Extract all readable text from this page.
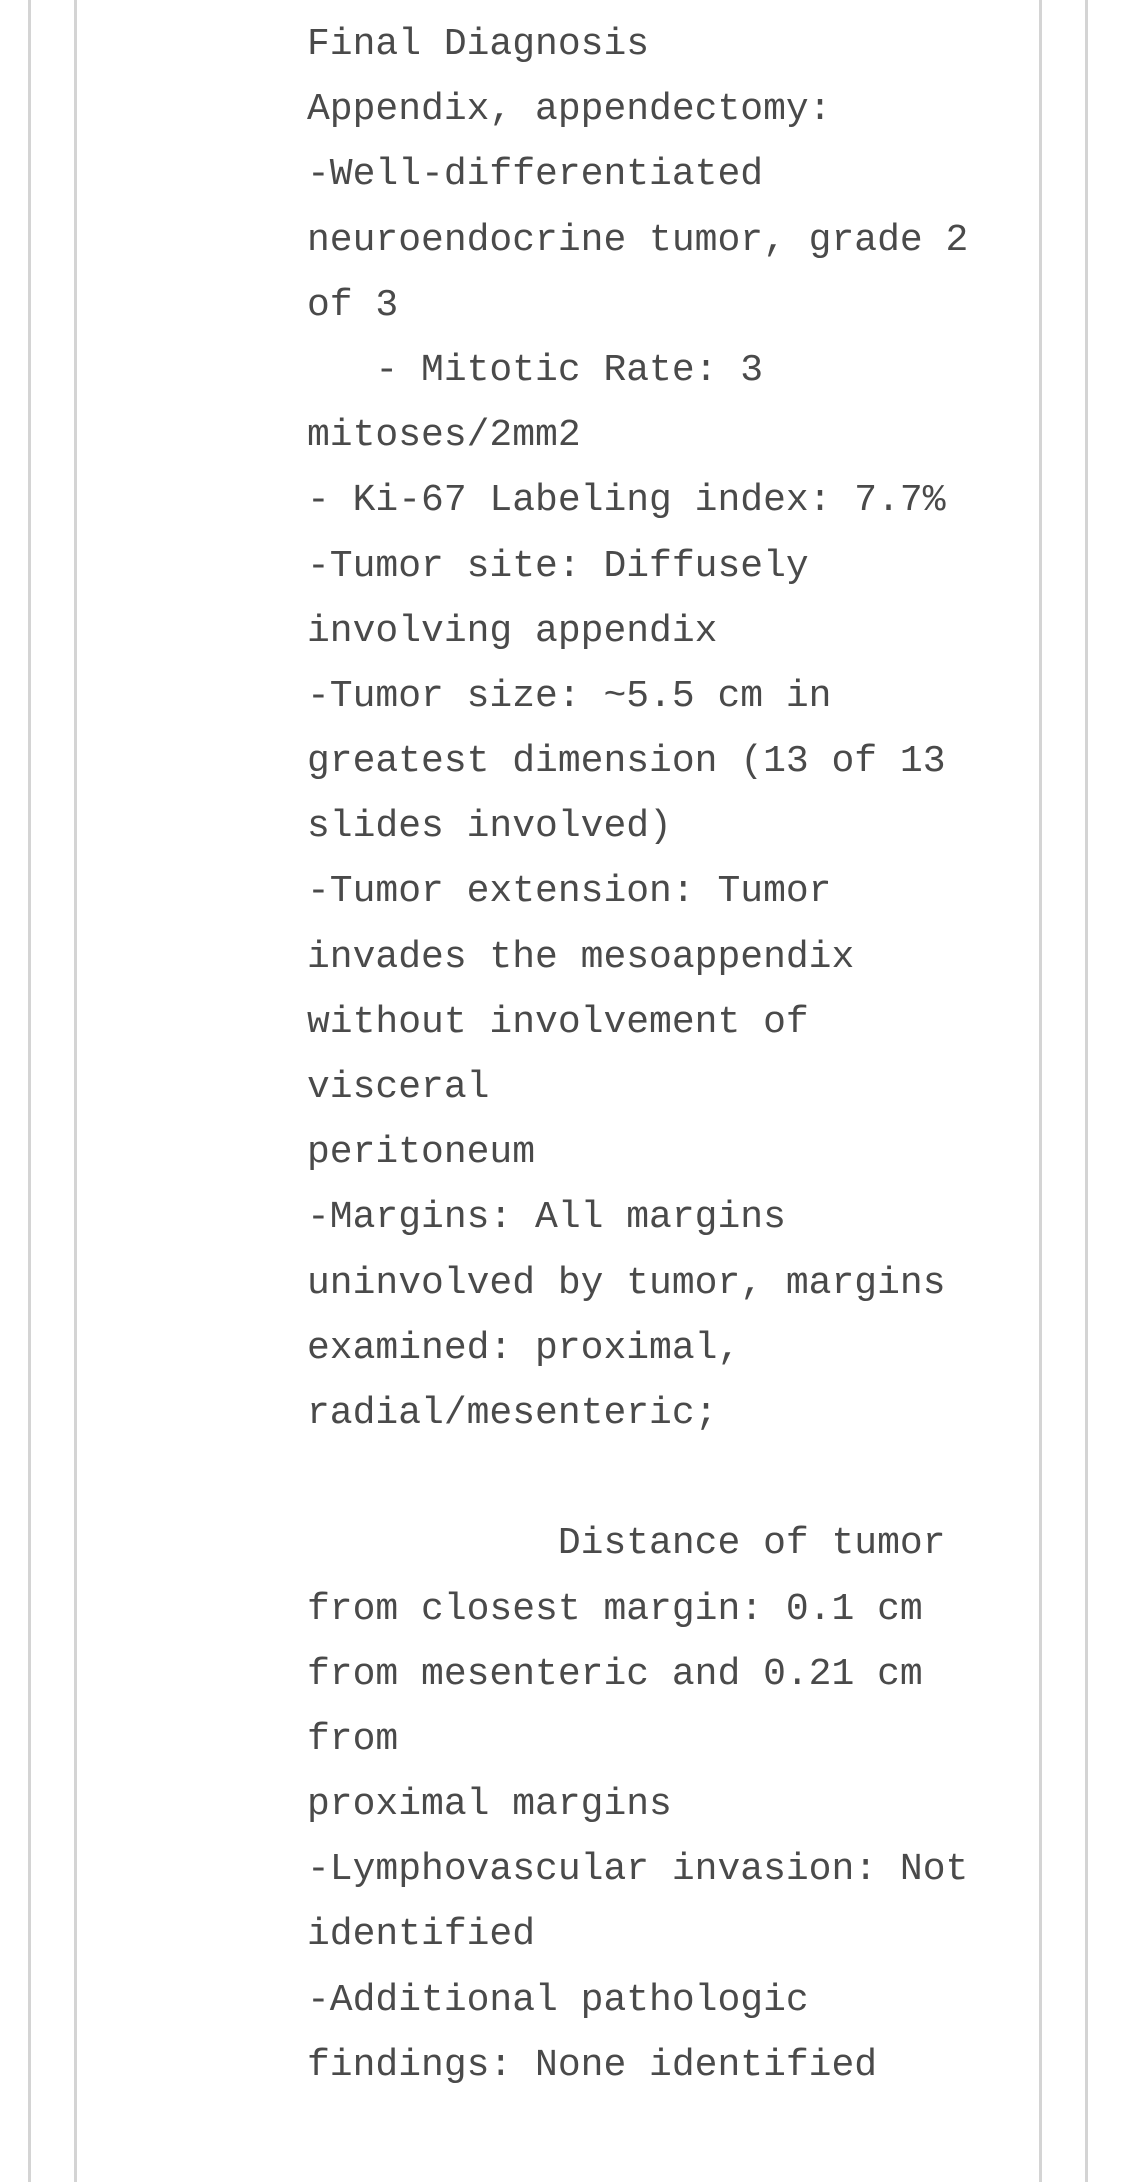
Final Diagnosis
Appendix, appendectomy:
-Well-differentiated
neuroendocrine tumor, grade 2
of 3
- Mitotic Rate: 3
mitoses/2mm2
- Ki-67 Labeling index: 7.7%
-Tumor site: Diffusely
involving appendix
-Tumor size: ~5.5 cm in
greatest dimension (13 of 13
slides involved)
-Tumor extension: Tumor
invades the mesoappendix
without involvement of
visceral
peritoneum
-Margins: All margins
uninvolved by tumor, margins
examined: proximal,
radial/mesenteric;
Distance of tumor
from closest margin: 0.1 cm
from mesenteric and 0.21 cm
from
proximal margins
-Lymphovascular invasion: Not
identified
-Additional pathologic
findings: None identified
